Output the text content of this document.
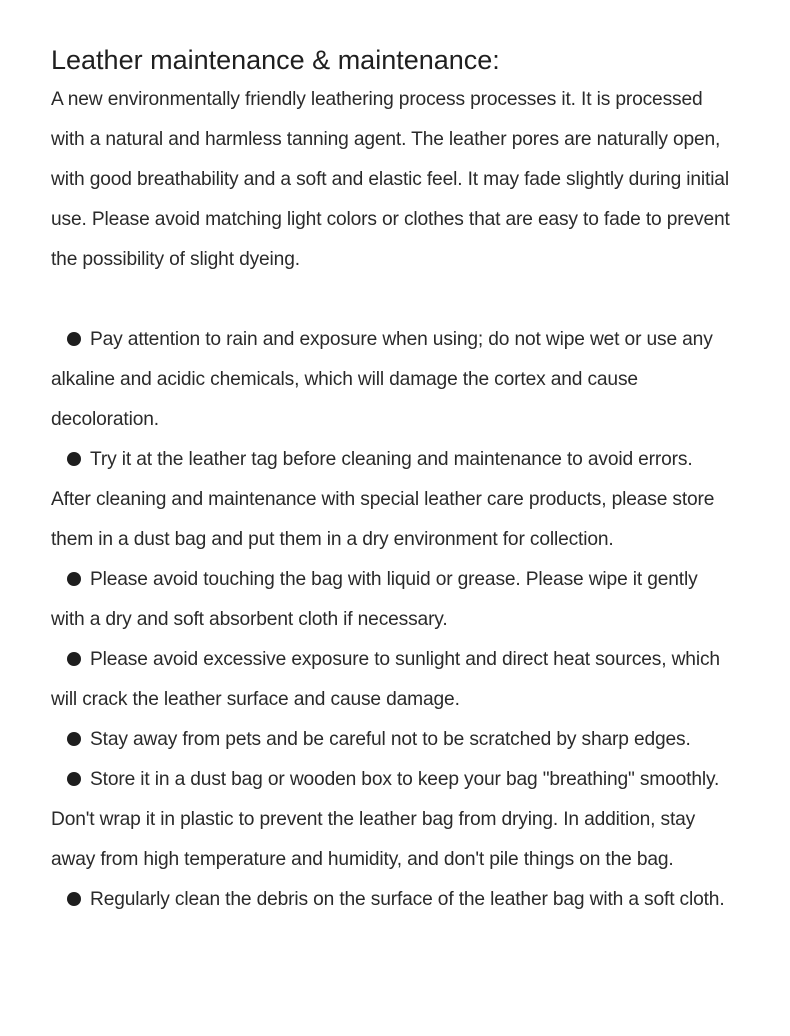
Leather maintenance & maintenance:

A new environmentally friendly leathering process processes it. It is processed with a natural and harmless tanning agent. The leather pores are naturally open, with good breathability and a soft and elastic feel. It may fade slightly during initial use. Please avoid matching light colors or clothes that are easy to fade to prevent the possibility of slight dyeing.

Pay attention to rain and exposure when using; do not wipe wet or use any alkaline and acidic chemicals, which will damage the cortex and cause decoloration.
Try it at the leather tag before cleaning and maintenance to avoid errors. After cleaning and maintenance with special leather care products, please store them in a dust bag and put them in a dry environment for collection.
Please avoid touching the bag with liquid or grease. Please wipe it gently with a dry and soft absorbent cloth if necessary.
Please avoid excessive exposure to sunlight and direct heat sources, which will crack the leather surface and cause damage.
Stay away from pets and be careful not to be scratched by sharp edges.
Store it in a dust bag or wooden box to keep your bag "breathing" smoothly. Don't wrap it in plastic to prevent the leather bag from drying. In addition, stay away from high temperature and humidity, and don't pile things on the bag.
Regularly clean the debris on the surface of the leather bag with a soft cloth.
